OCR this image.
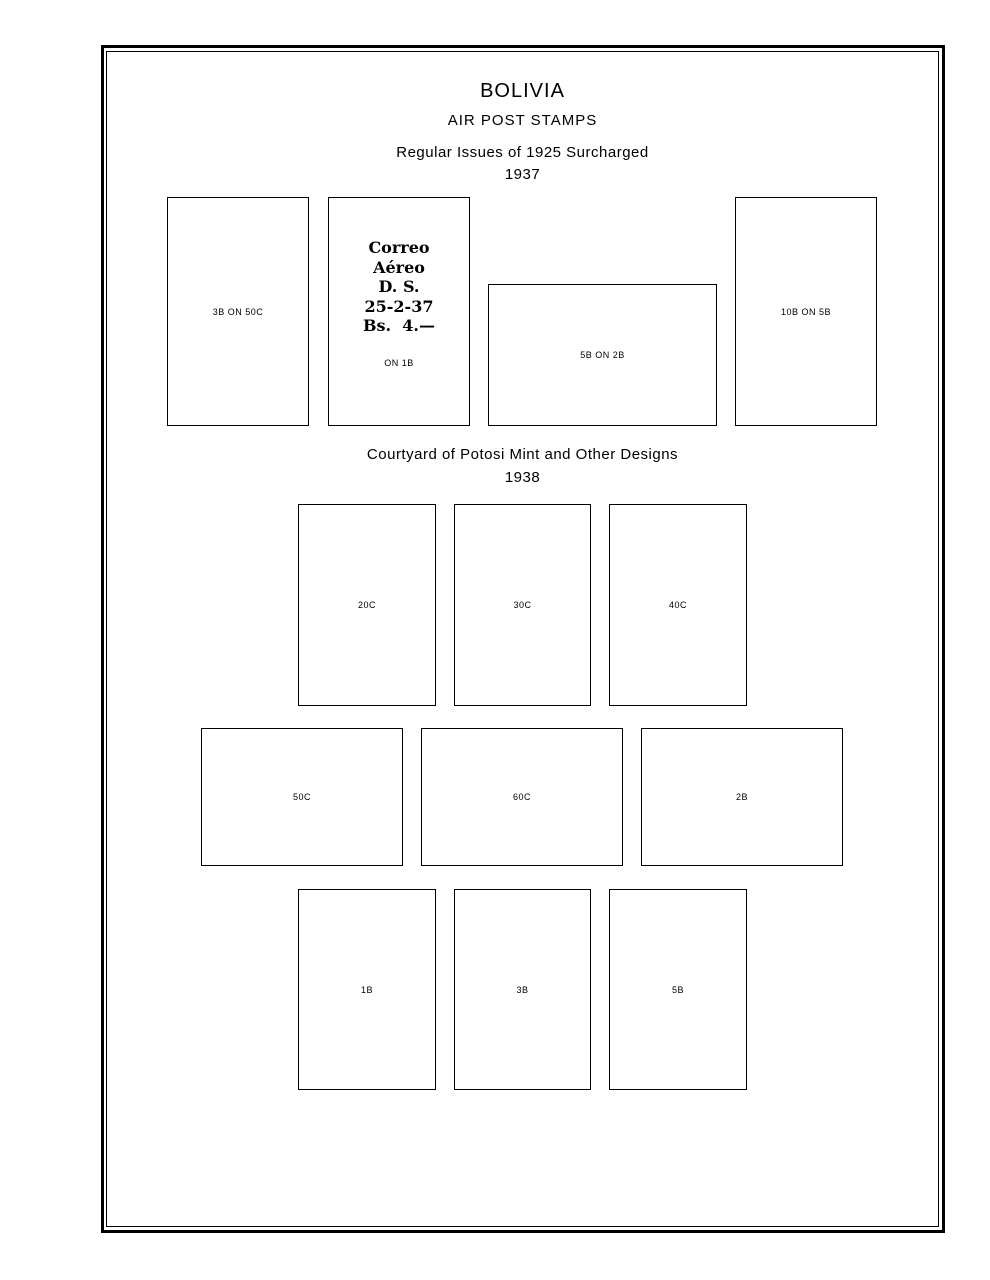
BOLIVIA
AIR POST STAMPS
Regular Issues of 1925 Surcharged
1937
3B ON 50C
Correo
Aéreo
D. S.
25-2-37
Bs.  4.—
ON 1B
5B ON 2B
10B ON 5B
Courtyard of Potosi Mint and Other Designs
1938
20C	30C	40C
50C	60C	2B
1B	3B	5B
